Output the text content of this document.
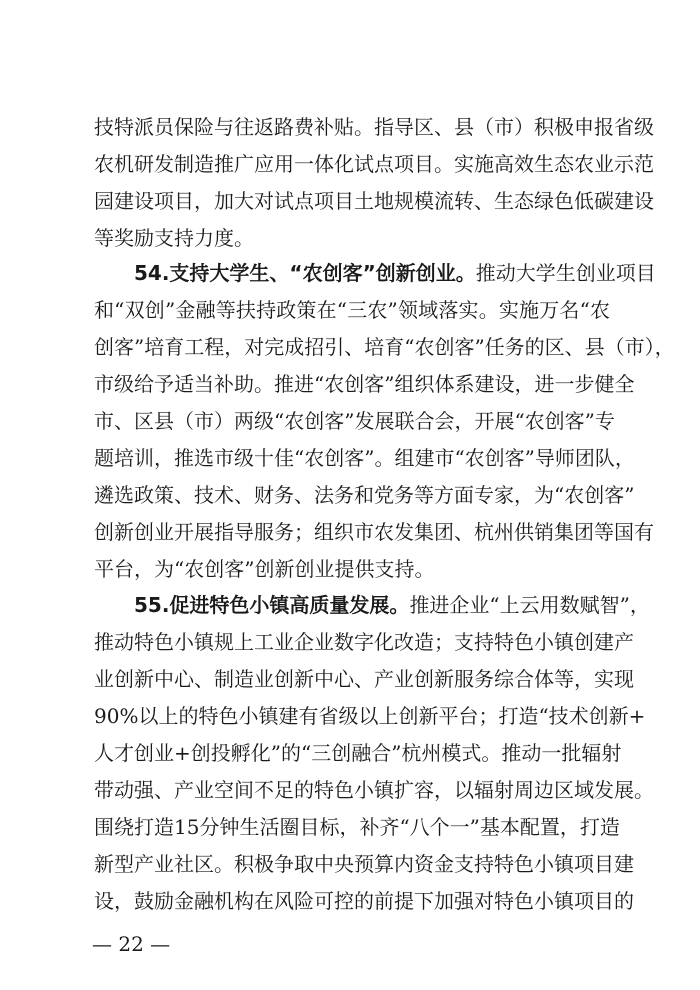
技特派员保险与往返路费补贴。指导区、县（市）积极申报省级
农机研发制造推广应用一体化试点项目。实施高效生态农业示范
园建设项目，加大对试点项目土地规模流转、生态绿色低碳建设
等奖励支持力度。
54.支持大学生、“农创客”创新创业。推动大学生创业项目
和“双创”金融等扶持政策在“三农”领域落实。实施万名“农
创客”培育工程，对完成招引、培育“农创客”任务的区、县（市），
市级给予适当补助。推进“农创客”组织体系建设，进一步健全
市、区县（市）两级“农创客”发展联合会，开展“农创客”专
题培训，推选市级十佳“农创客”。组建市“农创客”导师团队，
遴选政策、技术、财务、法务和党务等方面专家，为“农创客”
创新创业开展指导服务；组织市农发集团、杭州供销集团等国有
平台，为“农创客”创新创业提供支持。
55.促进特色小镇高质量发展。推进企业“上云用数赋智”，
推动特色小镇规上工业企业数字化改造；支持特色小镇创建产
业创新中心、制造业创新中心、产业创新服务综合体等，实现
90%以上的特色小镇建有省级以上创新平台；打造“技术创新+
人才创业+创投孵化”的“三创融合”杭州模式。推动一批辐射
带动强、产业空间不足的特色小镇扩容，以辐射周边区域发展。
围绕打造15分钟生活圈目标，补齐“八个一”基本配置，打造
新型产业社区。积极争取中央预算内资金支持特色小镇项目建
设，鼓励金融机构在风险可控的前提下加强对特色小镇项目的
— 22 —
